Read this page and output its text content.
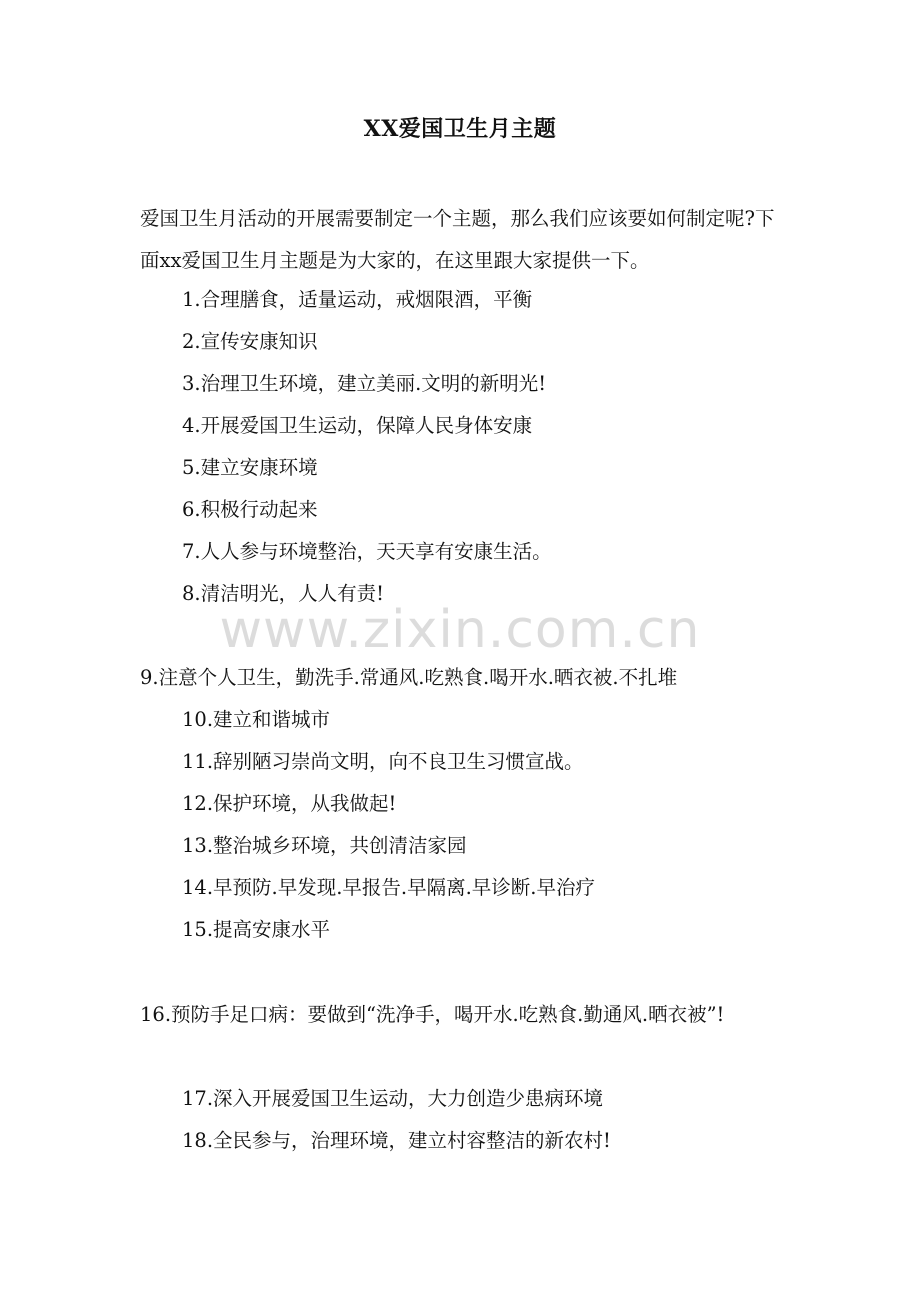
XX爱国卫生月主题

爱国卫生月活动的开展需要制定一个主题，那么我们应该要如何制定呢?下面xx爱国卫生月主题是为大家的，在这里跟大家提供一下。

1.合理膳食，适量运动，戒烟限酒，平衡

2.宣传安康知识

3.治理卫生环境，建立美丽.文明的新明光!

4.开展爱国卫生运动，保障人民身体安康

5.建立安康环境

6.积极行动起来

7.人人参与环境整治，天天享有安康生活。

8.清洁明光，人人有责!

9.注意个人卫生，勤洗手.常通风.吃熟食.喝开水.晒衣被.不扎堆

10.建立和谐城市

11.辞别陋习崇尚文明，向不良卫生习惯宣战。

12.保护环境，从我做起!

13.整治城乡环境，共创清洁家园

14.早预防.早发现.早报告.早隔离.早诊断.早治疗

15.提高安康水平

16.预防手足口病：要做到“洗净手，喝开水.吃熟食.勤通风.晒衣被”!

17.深入开展爱国卫生运动，大力创造少患病环境

18.全民参与，治理环境，建立村容整洁的新农村!

www.zixin.com.cn
